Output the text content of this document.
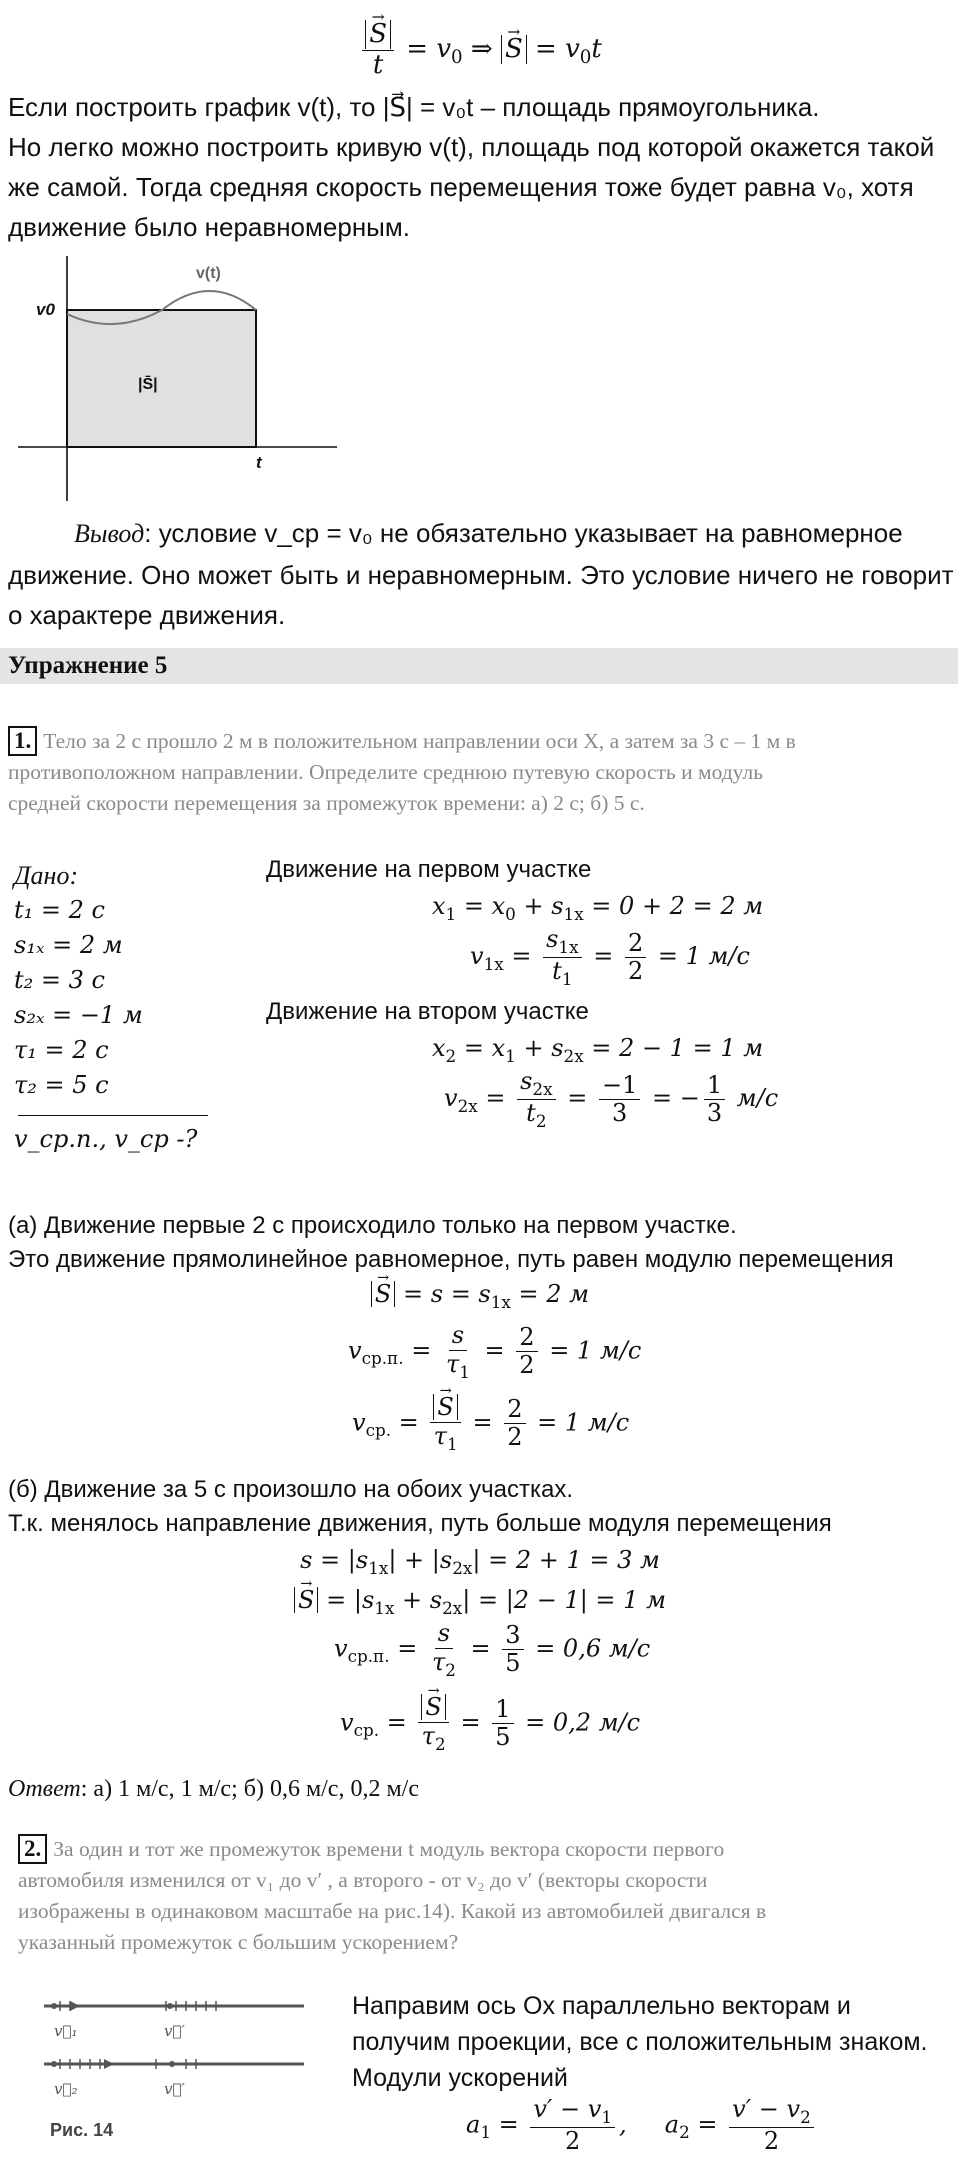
→ $\frac{S}{t} = v_0$ ⇒ → $S = v_0t$
Если построить график v(t), то |S⃗| = v₀t – площадь прямоугольника.
Но легко можно построить кривую v(t), площадь под которой окажется такой
же самой. Тогда средняя скорость перемещения тоже будет равна v₀, хотя
движение было неравномерным.
v0
v(t)
|S̄|
t
Вывод: условие v_ср = v₀ не обязательно указывает на равномерное
движение. Оно может быть и неравномерным. Это условие ничего не говорит
о характере движения.
Упражнение 5
1. Тело за 2 с прошло 2 м в положительном направлении оси X, а затем за 3 с – 1 м в
противоположном направлении. Определите среднюю путевую скорость и модуль
средней скорости перемещения за промежуток времени: а) 2 с; б) 5 с.
Дано:
t₁ = 2 с
s₁ₓ = 2 м
t₂ = 3 с
s₂ₓ = −1 м
τ₁ = 2 с
τ₂ = 5 с
v_ср.п., v_ср -?
Движение на первом участке
$x_1 = x_0 + s_{1x} = 0 + 2 = 2$ м
$v_{1x} = \frac{s_{1x}}{t_1} = \frac{2}{2} = 1$ м/с
Движение на втором участке
$x_2 = x_1 + s_{2x} = 2 - 1 = 1$ м
$v_{2x} = \frac{s_{2x}}{t_2} = \frac{-1}{3}$ = − $\frac{1}{3} м/с$
(а) Движение первые 2 с происходило только на первом участке.
Это движение прямолинейное равномерное, путь равен модулю перемещения
→ $S = s = s_{1x} = 2$ м
$v_{ср.п.} = \frac{s}{\tau_1} = \frac{2}{2} = 1$ м/с
$v_{ср.}$ = → $\frac{S}{\tau_1} = \frac{2}{2} = 1$ м/с
(б) Движение за 5 с произошло на обоих участках.
Т.к. менялось направление движения, путь больше модуля перемещения
$s = |s_{1x}| + |s_{2x}| = 2 + 1 = 3$ м
→ $S = |s_{1x} + s_{2x}| = |2 - 1| = 1$ м
$v_{ср.п.} = \frac{s}{\tau_2} = \frac{3}{5} = 0,6$ м/с
$v_{ср.}$ = → $\frac{S}{\tau_2} = \frac{1}{5} = 0,2$ м/с
Ответ: а) 1 м/с, 1 м/с; б) 0,6 м/с, 0,2 м/с
2. За один и тот же промежуток времени t модуль вектора скорости первого
автомобиля изменился от v₁ до v′ , а второго - от v₂ до v′ (векторы скорости
изображены в одинаковом масштабе на рис.14). Какой из автомобилей двигался в
указанный промежуток с большим ускорением?
v⃗₁	v⃗′
v⃗₂	v⃗′
Рис. 14
Направим ось Ox параллельно векторам и
получим проекции, все с положительным знаком.
Модули ускорений
$a_1 = \frac{v' - v_1}{2}$ ,     $a_2 = \frac{v' - v_2}{2}$
